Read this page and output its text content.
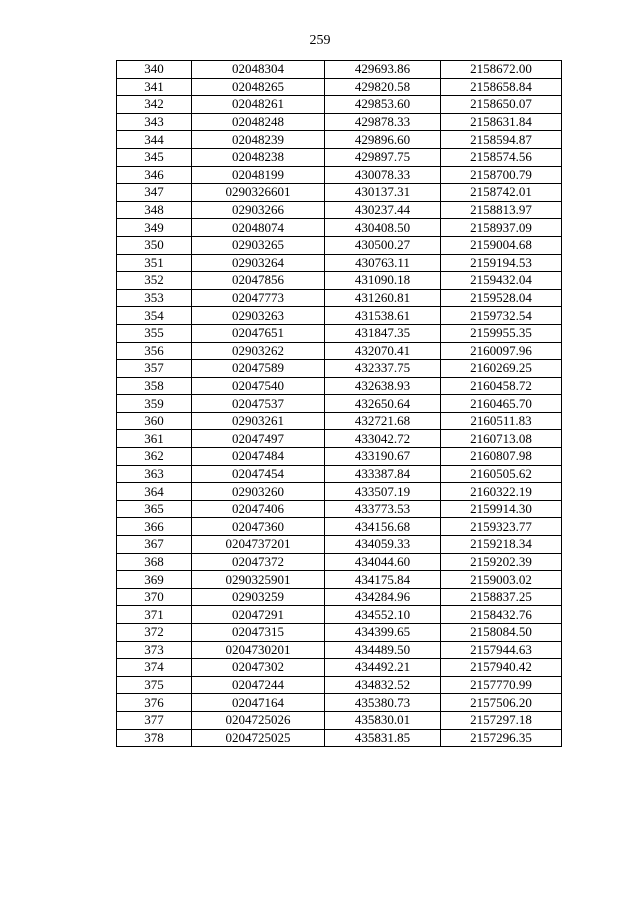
259
340	02048304	429693.86	2158672.00
341	02048265	429820.58	2158658.84
342	02048261	429853.60	2158650.07
343	02048248	429878.33	2158631.84
344	02048239	429896.60	2158594.87
345	02048238	429897.75	2158574.56
346	02048199	430078.33	2158700.79
347	0290326601	430137.31	2158742.01
348	02903266	430237.44	2158813.97
349	02048074	430408.50	2158937.09
350	02903265	430500.27	2159004.68
351	02903264	430763.11	2159194.53
352	02047856	431090.18	2159432.04
353	02047773	431260.81	2159528.04
354	02903263	431538.61	2159732.54
355	02047651	431847.35	2159955.35
356	02903262	432070.41	2160097.96
357	02047589	432337.75	2160269.25
358	02047540	432638.93	2160458.72
359	02047537	432650.64	2160465.70
360	02903261	432721.68	2160511.83
361	02047497	433042.72	2160713.08
362	02047484	433190.67	2160807.98
363	02047454	433387.84	2160505.62
364	02903260	433507.19	2160322.19
365	02047406	433773.53	2159914.30
366	02047360	434156.68	2159323.77
367	0204737201	434059.33	2159218.34
368	02047372	434044.60	2159202.39
369	0290325901	434175.84	2159003.02
370	02903259	434284.96	2158837.25
371	02047291	434552.10	2158432.76
372	02047315	434399.65	2158084.50
373	0204730201	434489.50	2157944.63
374	02047302	434492.21	2157940.42
375	02047244	434832.52	2157770.99
376	02047164	435380.73	2157506.20
377	0204725026	435830.01	2157297.18
378	0204725025	435831.85	2157296.35
